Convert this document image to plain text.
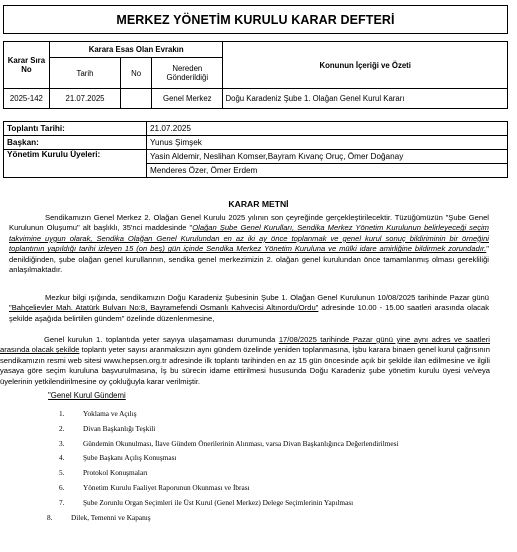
MERKEZ YÖNETİM KURULU KARAR DEFTERİ
Karar Sıra No	Karara Esas Olan Evrakın			Konunun İçeriği ve Özeti
	Tarih	No	Nereden Gönderildiği	
2025-142	21.07.2025		Genel Merkez	Doğu Karadeniz Şube 1. Olağan Genel Kurul Kararı
Toplantı Tarihi:	21.07.2025
Başkan:	Yunus Şimşek
Yönetim Kurulu Üyeleri:	Yasin Aldemir, Neslihan Komser,Bayram Kıvanç Oruç, Ömer Doğanay
	Menderes Özer, Ömer Erdem
KARAR METNİ
Sendikamızın Genel Merkez 2. Olağan Genel Kurulu 2025 yılının son çeyreğinde gerçekleştirilecektir. Tüzüğümüzün "Şube Genel Kurulunun Oluşumu" alt başlıklı, 35'nci maddesinde "Olağan Şube Genel Kurulları, Sendika Merkez Yönetim Kurulunun belirleyeceği seçim takvimine uygun olarak, Sendika Olağan Genel Kurulundan en az iki ay önce toplanmak ve genel kurul sonuç bildiriminin bir örneğini toplantının yapıldığı tarihi izleyen 15 (on beş) gün içinde Sendika Merkez Yönetim Kuruluna ve mülki idare amirliğine bildirmek zorundadır." denildiğinden, şube olağan genel kurullarının, sendika genel merkezimizin 2. olağan genel kurulundan önce tamamlanmış olması gerekliliği anlaşılmaktadır.
Mezkur bilgi ışığında, sendikamızın Doğu Karadeniz Şubesinin Şube 1. Olağan Genel Kurulunun 10/08/2025 tarihinde Pazar günü "Bahçelievler Mah. Atatürk Bulvarı No:8, Bayramefendi Osmanlı Kahvecisi Altınordu/Ordu" adresinde 10.00 - 15.00 saatleri arasında olacak şekilde aşağıda belirtilen gündem" özelinde düzenlenmesine,
Genel kurulun 1. toplantıda yeter sayıya ulaşamaması durumunda 17/08/2025 tarihinde Pazar günü yine aynı adres ve saatleri arasında olacak şekilde toplantı yeter sayısı aranmaksızın aynı gündem özelinde yeniden toplanmasına, İşbu karara binaen genel kurul çağrısının sendikamızın resmi web sitesi www.hepsen.org.tr adresinde ilk toplantı tarihinden en az 15 gün öncesinde açık bir şekilde ilan edilmesine ve ilgili yasaya göre seçim kuruluna başvurulmasına, İş bu sürecin idame ettirilmesi hususunda Doğu Karadeniz şube yönetim kurulu üyesi ve/veya üyelerinin yetkilendirilmesine oy çokluğuyla karar verilmiştir.
"Genel Kurul Gündemi
1.	Yoklama ve Açılış
2.	Divan Başkanlığı Teşkili
3.	Gündemin Okunulması, İlave Gündem Önerilerinin Alınması, varsa Divan Başkanlığınca Değerlendirilmesi
4.	Şube Başkanı Açılış Konuşması
5.	Protokol Konuşmaları
6.	Yönetim Kurulu Faaliyet Raporunun Okunması ve İbrası
7.	Şube Zorunlu Organ Seçimleri ile Üst Kurul (Genel Merkez) Delege Seçimlerinin Yapılması
8.	Dilek, Temenni ve Kapanış
